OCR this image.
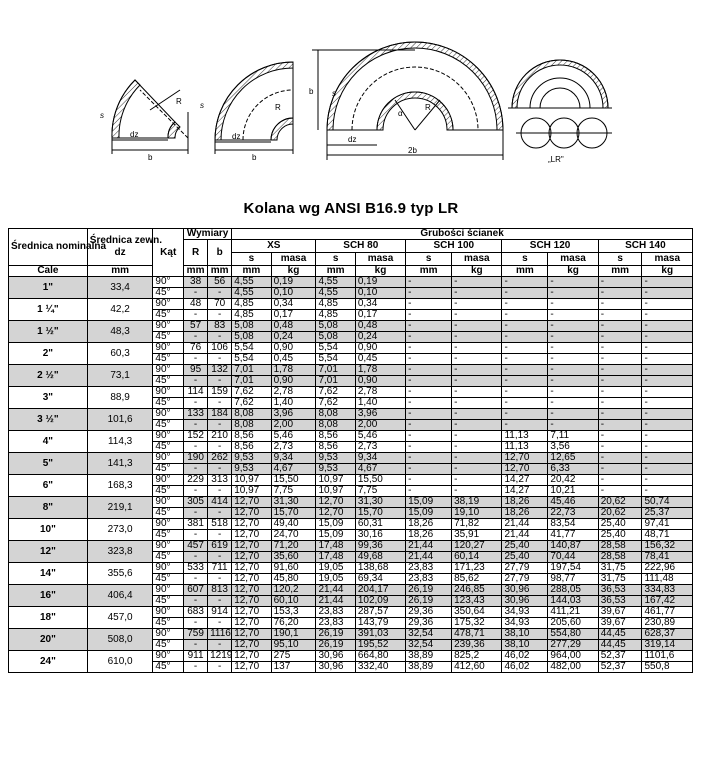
s
dz
b
R s
dz
b
R
s
b
α
R
dz
2b
„LR"
Kolana wg ANSI B16.9 typ LR
Średnica nominalna	Średnica zewn.
dz	Kąt	Wymiary		Grubości ścianek									
			R	b	XS		SCH 80		SCH 100		SCH 120		SCH 140	
					s	masa	s	masa	s	masa	s	masa	s	masa
Cale	mm		mm	mm	mm	kg	mm	kg	mm	kg	mm	kg	mm	kg
1"	33,4	90°	38	56	4,55	0,19	4,55	0,19	-	-	-	-	-	-
		45°	-	-	4,55	0,10	4,55	0,10	-	-	-	-	-	-
1 ¼"	42,2	90°	48	70	4,85	0,34	4,85	0,34	-	-	-	-	-	-
		45°	-	-	4,85	0,17	4,85	0,17	-	-	-	-	-	-
1 ½"	48,3	90°	57	83	5,08	0,48	5,08	0,48	-	-	-	-	-	-
		45°	-	-	5,08	0,24	5,08	0,24	-	-	-	-	-	-
2"	60,3	90°	76	106	5,54	0,90	5,54	0,90	-	-	-	-	-	-
		45°	-	-	5,54	0,45	5,54	0,45	-	-	-	-	-	-
2 ½"	73,1	90°	95	132	7,01	1,78	7,01	1,78	-	-	-	-	-	-
		45°	-	-	7,01	0,90	7,01	0,90	-	-	-	-	-	-
3"	88,9	90°	114	159	7,62	2,78	7,62	2,78	-	-	-	-	-	-
		45°	-	-	7,62	1,40	7,62	1,40	-	-	-	-	-	-
3 ½"	101,6	90°	133	184	8,08	3,96	8,08	3,96	-	-	-	-	-	-
		45°	-	-	8,08	2,00	8,08	2,00	-	-	-	-	-	-
4"	114,3	90°	152	210	8,56	5,46	8,56	5,46	-	-	11,13	7,11	-	-
		45°	-	-	8,56	2,73	8,56	2,73	-	-	11,13	3,56	-	-
5"	141,3	90°	190	262	9,53	9,34	9,53	9,34	-	-	12,70	12,65	-	-
		45°	-	-	9,53	4,67	9,53	4,67	-	-	12,70	6,33	-	-
6"	168,3	90°	229	313	10,97	15,50	10,97	15,50	-	-	14,27	20,42	-	-
		45°	-	-	10,97	7,75	10,97	7,75	-	-	14,27	10,21	-	-
8"	219,1	90°	305	414	12,70	31,30	12,70	31,30	15,09	38,19	18,26	45,46	20,62	50,74
		45°	-	-	12,70	15,70	12,70	15,70	15,09	19,10	18,26	22,73	20,62	25,37
10"	273,0	90°	381	518	12,70	49,40	15,09	60,31	18,26	71,82	21,44	83,54	25,40	97,41
		45°	-	-	12,70	24,70	15,09	30,16	18,26	35,91	21,44	41,77	25,40	48,71
12"	323,8	90°	457	619	12,70	71,20	17,48	99,36	21,44	120,27	25,40	140,87	28,58	156,32
		45°	-	-	12,70	35,60	17,48	49,68	21,44	60,14	25,40	70,44	28,58	78,41
14"	355,6	90°	533	711	12,70	91,60	19,05	138,68	23,83	171,23	27,79	197,54	31,75	222,96
		45°	-	-	12,70	45,80	19,05	69,34	23,83	85,62	27,79	98,77	31,75	111,48
16"	406,4	90°	607	813	12,70	120,2	21,44	204,17	26,19	246,85	30,96	288,05	36,53	334,83
		45°	-	-	12,70	60,10	21,44	102,09	26,19	123,43	30,96	144,03	36,53	167,42
18"	457,0	90°	683	914	12,70	153,3	23,83	287,57	29,36	350,64	34,93	411,21	39,67	461,77
		45°	-	-	12,70	76,20	23,83	143,79	29,36	175,32	34,93	205,60	39,67	230,89
20"	508,0	90°	759	1116	12,70	190,1	26,19	391,03	32,54	478,71	38,10	554,80	44,45	628,37
		45°	-	-	12,70	95,10	26,19	195,52	32,54	239,36	38,10	277,29	44,45	319,14
24"	610,0	90°	911	1219	12,70	275	30,96	664,80	38,89	825,2	46,02	964,00	52,37	1101,6
		45°	-	-	12,70	137	30,96	332,40	38,89	412,60	46,02	482,00	52,37	550,8
